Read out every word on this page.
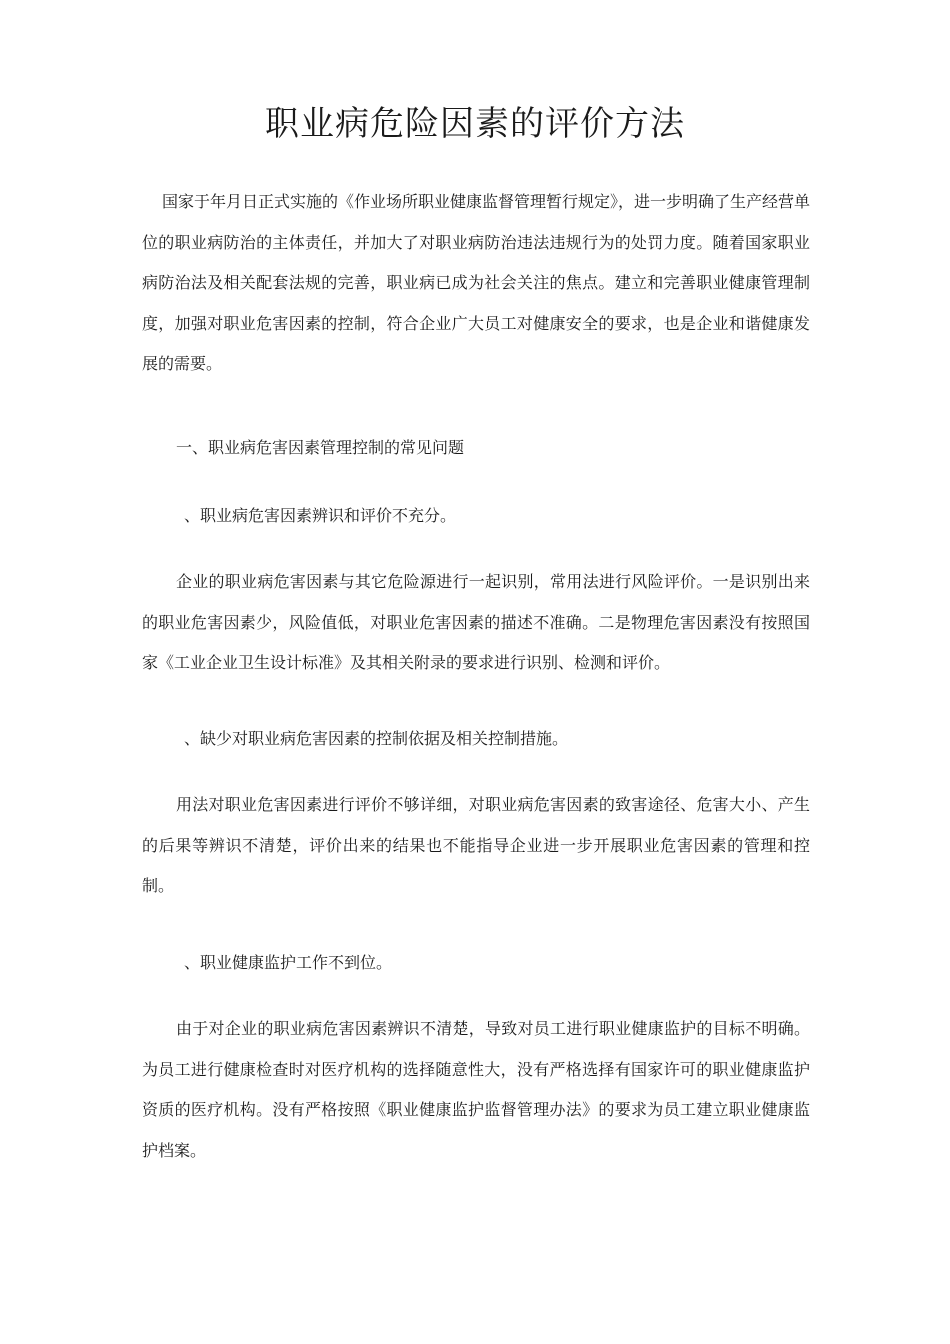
职业病危险因素的评价方法

国家于年月日正式实施的《作业场所职业健康监督管理暂行规定》，进一步明确了生产经营单位的职业病防治的主体责任，并加大了对职业病防治违法违规行为的处罚力度。随着国家职业病防治法及相关配套法规的完善，职业病已成为社会关注的焦点。建立和完善职业健康管理制度，加强对职业危害因素的控制，符合企业广大员工对健康安全的要求，也是企业和谐健康发展的需要。

一、职业病危害因素管理控制的常见问题

、职业病危害因素辨识和评价不充分。

企业的职业病危害因素与其它危险源进行一起识别，常用法进行风险评价。一是识别出来的职业危害因素少，风险值低，对职业危害因素的描述不准确。二是物理危害因素没有按照国家《工业企业卫生设计标准》及其相关附录的要求进行识别、检测和评价。

、缺少对职业病危害因素的控制依据及相关控制措施。

用法对职业危害因素进行评价不够详细，对职业病危害因素的致害途径、危害大小、产生的后果等辨识不清楚，评价出来的结果也不能指导企业进一步开展职业危害因素的管理和控制。

、职业健康监护工作不到位。

由于对企业的职业病危害因素辨识不清楚，导致对员工进行职业健康监护的目标不明确。为员工进行健康检查时对医疗机构的选择随意性大，没有严格选择有国家许可的职业健康监护资质的医疗机构。没有严格按照《职业健康监护监督管理办法》的要求为员工建立职业健康监护档案。
